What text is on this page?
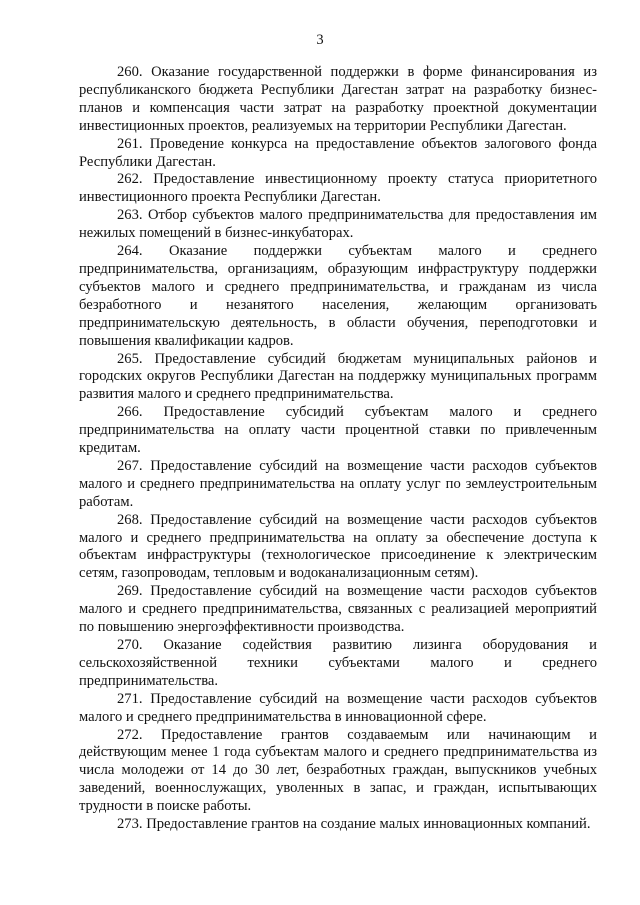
3

260. Оказание государственной поддержки в форме финансирования из республиканского бюджета Республики Дагестан затрат на разработку бизнес-планов и компенсация части затрат на разработку проектной документации инвестиционных проектов, реализуемых на территории Республики Дагестан.

261. Проведение конкурса на предоставление объектов залогового фонда Республики Дагестан.

262. Предоставление инвестиционному проекту статуса приоритетного инвестиционного проекта Республики Дагестан.

263. Отбор субъектов малого предпринимательства для предоставления им нежилых помещений в бизнес-инкубаторах.

264. Оказание поддержки субъектам малого и среднего предпринимательства, организациям, образующим инфраструктуру поддержки субъектов малого и среднего предпринимательства, и гражданам из числа безработного и незанятого населения, желающим организовать предпринимательскую деятельность, в области обучения, переподготовки и повышения квалификации кадров.

265. Предоставление субсидий бюджетам муниципальных районов и городских округов Республики Дагестан на поддержку муниципальных программ развития малого и среднего предпринимательства.

266. Предоставление субсидий субъектам малого и среднего предпринимательства на оплату части процентной ставки по привлеченным кредитам.

267. Предоставление субсидий на возмещение части расходов субъектов малого и среднего предпринимательства на оплату услуг по землеустроительным работам.

268. Предоставление субсидий на возмещение части расходов субъектов малого и среднего предпринимательства на оплату за обеспечение доступа к объектам инфраструктуры (технологическое присоединение к электрическим сетям, газопроводам, тепловым и водоканализационным сетям).

269. Предоставление субсидий на возмещение части расходов субъектов малого и среднего предпринимательства, связанных с реализацией мероприятий по повышению энергоэффективности производства.

270. Оказание содействия развитию лизинга оборудования и сельскохозяйственной техники субъектами малого и среднего предпринимательства.

271. Предоставление субсидий на возмещение части расходов субъектов малого и среднего предпринимательства в инновационной сфере.

272. Предоставление грантов создаваемым или начинающим и действующим менее 1 года субъектам малого и среднего предпринимательства из числа молодежи от 14 до 30 лет, безработных граждан, выпускников учебных заведений, военнослужащих, уволенных в запас, и граждан, испытывающих трудности в поиске работы.

273. Предоставление грантов на создание малых инновационных компаний.
